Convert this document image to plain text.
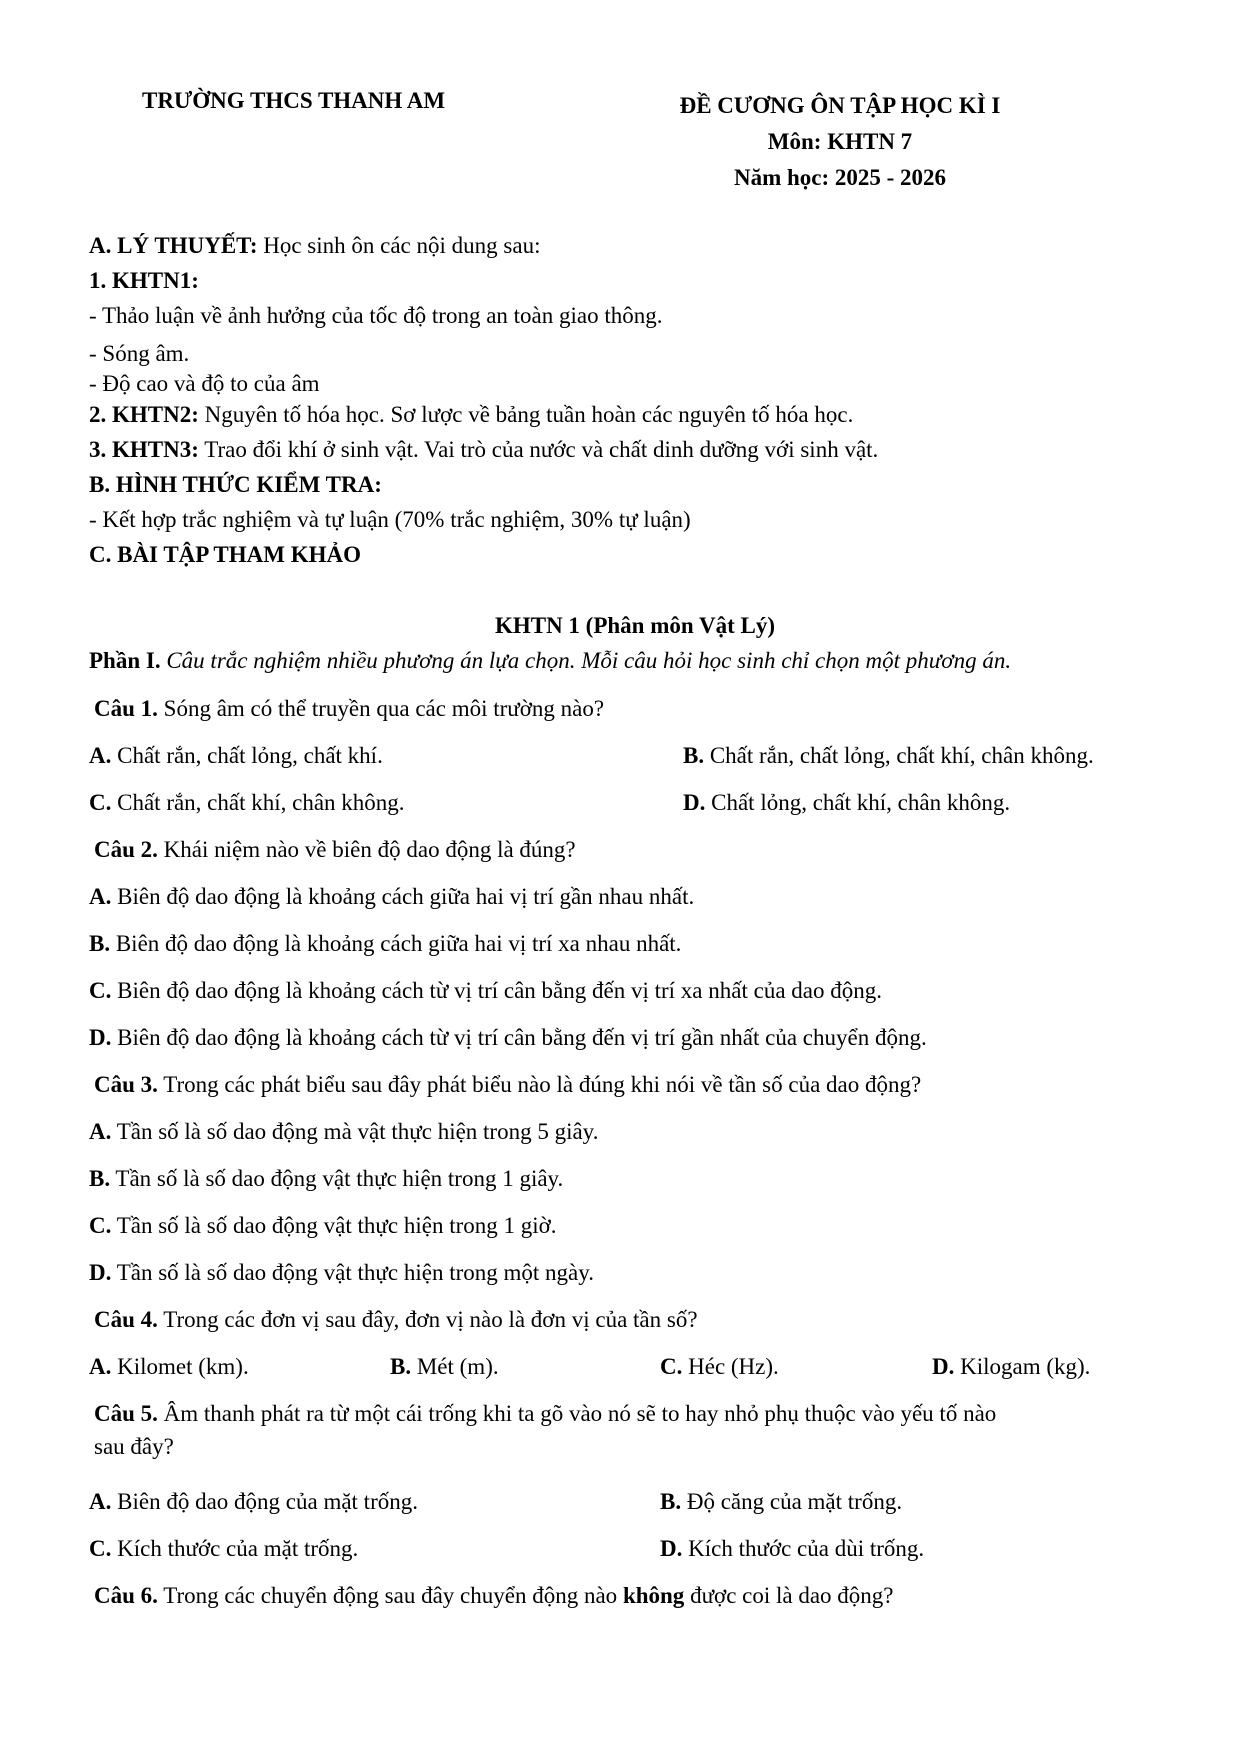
TRƯỜNG THCS THANH AM	ĐỀ CƯƠNG ÔN TẬP HỌC KÌ I
Môn: KHTN 7
Năm học: 2025 - 2026
A. LÝ THUYẾT: Học sinh ôn các nội dung sau:
1. KHTN1:
- Thảo luận về ảnh hưởng của tốc độ trong an toàn giao thông.
- Sóng âm.
- Độ cao và độ to của âm
2. KHTN2: Nguyên tố hóa học. Sơ lược về bảng tuần hoàn các nguyên tố hóa học.
3. KHTN3: Trao đổi khí ở sinh vật. Vai trò của nước và chất dinh dưỡng với sinh vật.
B. HÌNH THỨC KIỂM TRA:
- Kết hợp trắc nghiệm và tự luận (70% trắc nghiệm, 30% tự luận)
C. BÀI TẬP THAM KHẢO
KHTN 1 (Phân môn Vật Lý)
Phần I. Câu trắc nghiệm nhiều phương án lựa chọn. Mỗi câu hỏi học sinh chỉ chọn một phương án.
Câu 1. Sóng âm có thể truyền qua các môi trường nào?
A. Chất rắn, chất lỏng, chất khí.	B. Chất rắn, chất lỏng, chất khí, chân không.
C. Chất rắn, chất khí, chân không.	D. Chất lỏng, chất khí, chân không.
Câu 2. Khái niệm nào về biên độ dao động là đúng?
A. Biên độ dao động là khoảng cách giữa hai vị trí gần nhau nhất.
B. Biên độ dao động là khoảng cách giữa hai vị trí xa nhau nhất.
C. Biên độ dao động là khoảng cách từ vị trí cân bằng đến vị trí xa nhất của dao động.
D. Biên độ dao động là khoảng cách từ vị trí cân bằng đến vị trí gần nhất của chuyển động.
Câu 3. Trong các phát biểu sau đây phát biểu nào là đúng khi nói về tần số của dao động?
A. Tần số là số dao động mà vật thực hiện trong 5 giây.
B. Tần số là số dao động vật thực hiện trong 1 giây.
C. Tần số là số dao động vật thực hiện trong 1 giờ.
D. Tần số là số dao động vật thực hiện trong một ngày.
Câu 4. Trong các đơn vị sau đây, đơn vị nào là đơn vị của tần số?
A. Kilomet (km).	B. Mét (m).	C. Héc (Hz).	D. Kilogam (kg).
Câu 5. Âm thanh phát ra từ một cái trống khi ta gõ vào nó sẽ to hay nhỏ phụ thuộc vào yếu tố nào
sau đây?
A. Biên độ dao động của mặt trống.	B. Độ căng của mặt trống.
C. Kích thước của mặt trống.	D. Kích thước của dùi trống.
Câu 6. Trong các chuyển động sau đây chuyển động nào không được coi là dao động?
